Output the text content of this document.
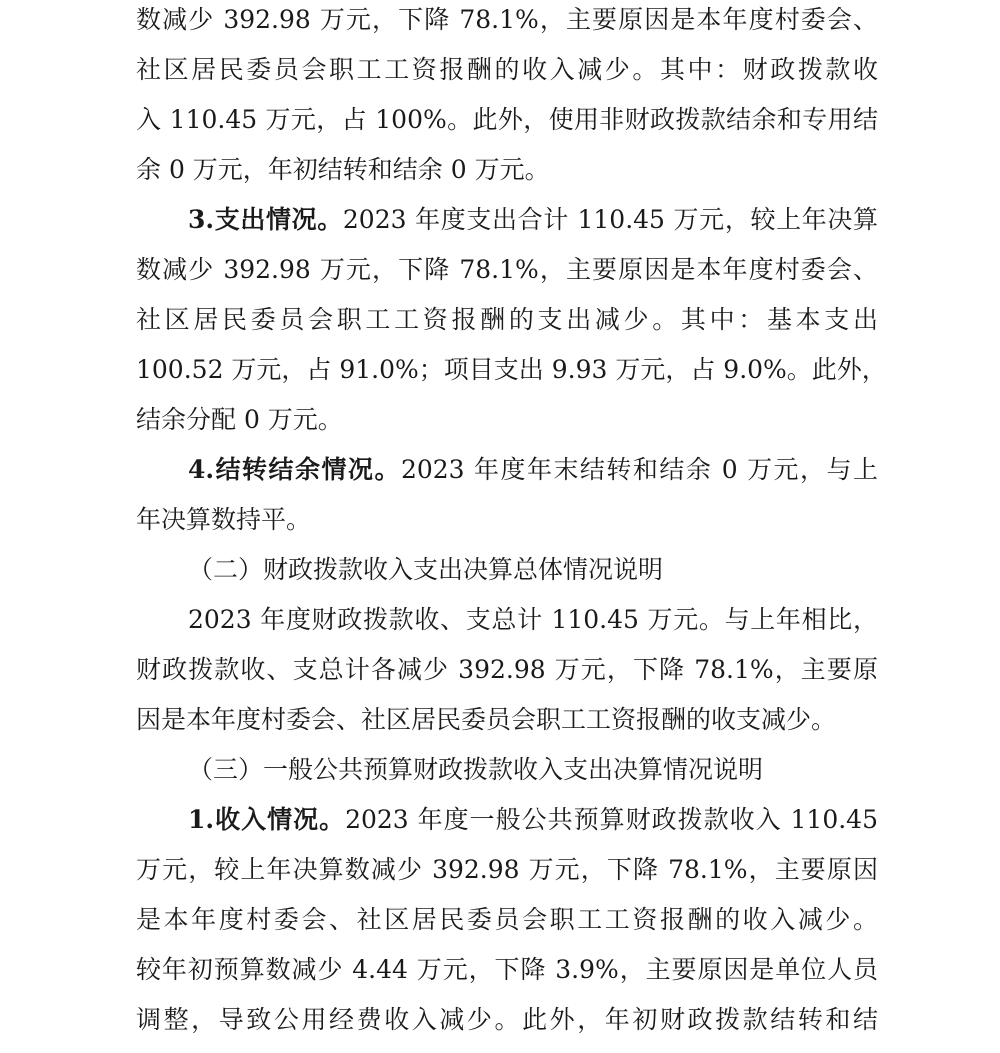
数减少 392.98 万元，下降 78.1%，主要原因是本年度村委会、
社区居民委员会职工工资报酬的收入减少。其中：财政拨款收
入 110.45 万元，占 100%。此外，使用非财政拨款结余和专用结
余 0 万元，年初结转和结余 0 万元。
3.支出情况。2023 年度支出合计 110.45 万元，较上年决算
数减少 392.98 万元，下降 78.1%，主要原因是本年度村委会、
社区居民委员会职工工资报酬的支出减少。其中：基本支出
100.52 万元，占 91.0%；项目支出 9.93 万元，占 9.0%。此外，
结余分配 0 万元。
4.结转结余情况。2023 年度年末结转和结余 0 万元，与上
年决算数持平。
（二）财政拨款收入支出决算总体情况说明
2023 年度财政拨款收、支总计 110.45 万元。与上年相比，
财政拨款收、支总计各减少 392.98 万元，下降 78.1%，主要原
因是本年度村委会、社区居民委员会职工工资报酬的收支减少。
（三）一般公共预算财政拨款收入支出决算情况说明
1.收入情况。2023 年度一般公共预算财政拨款收入 110.45
万元，较上年决算数减少 392.98 万元，下降 78.1%，主要原因
是本年度村委会、社区居民委员会职工工资报酬的收入减少。
较年初预算数减少 4.44 万元，下降 3.9%，主要原因是单位人员
调整，导致公用经费收入减少。此外，年初财政拨款结转和结
